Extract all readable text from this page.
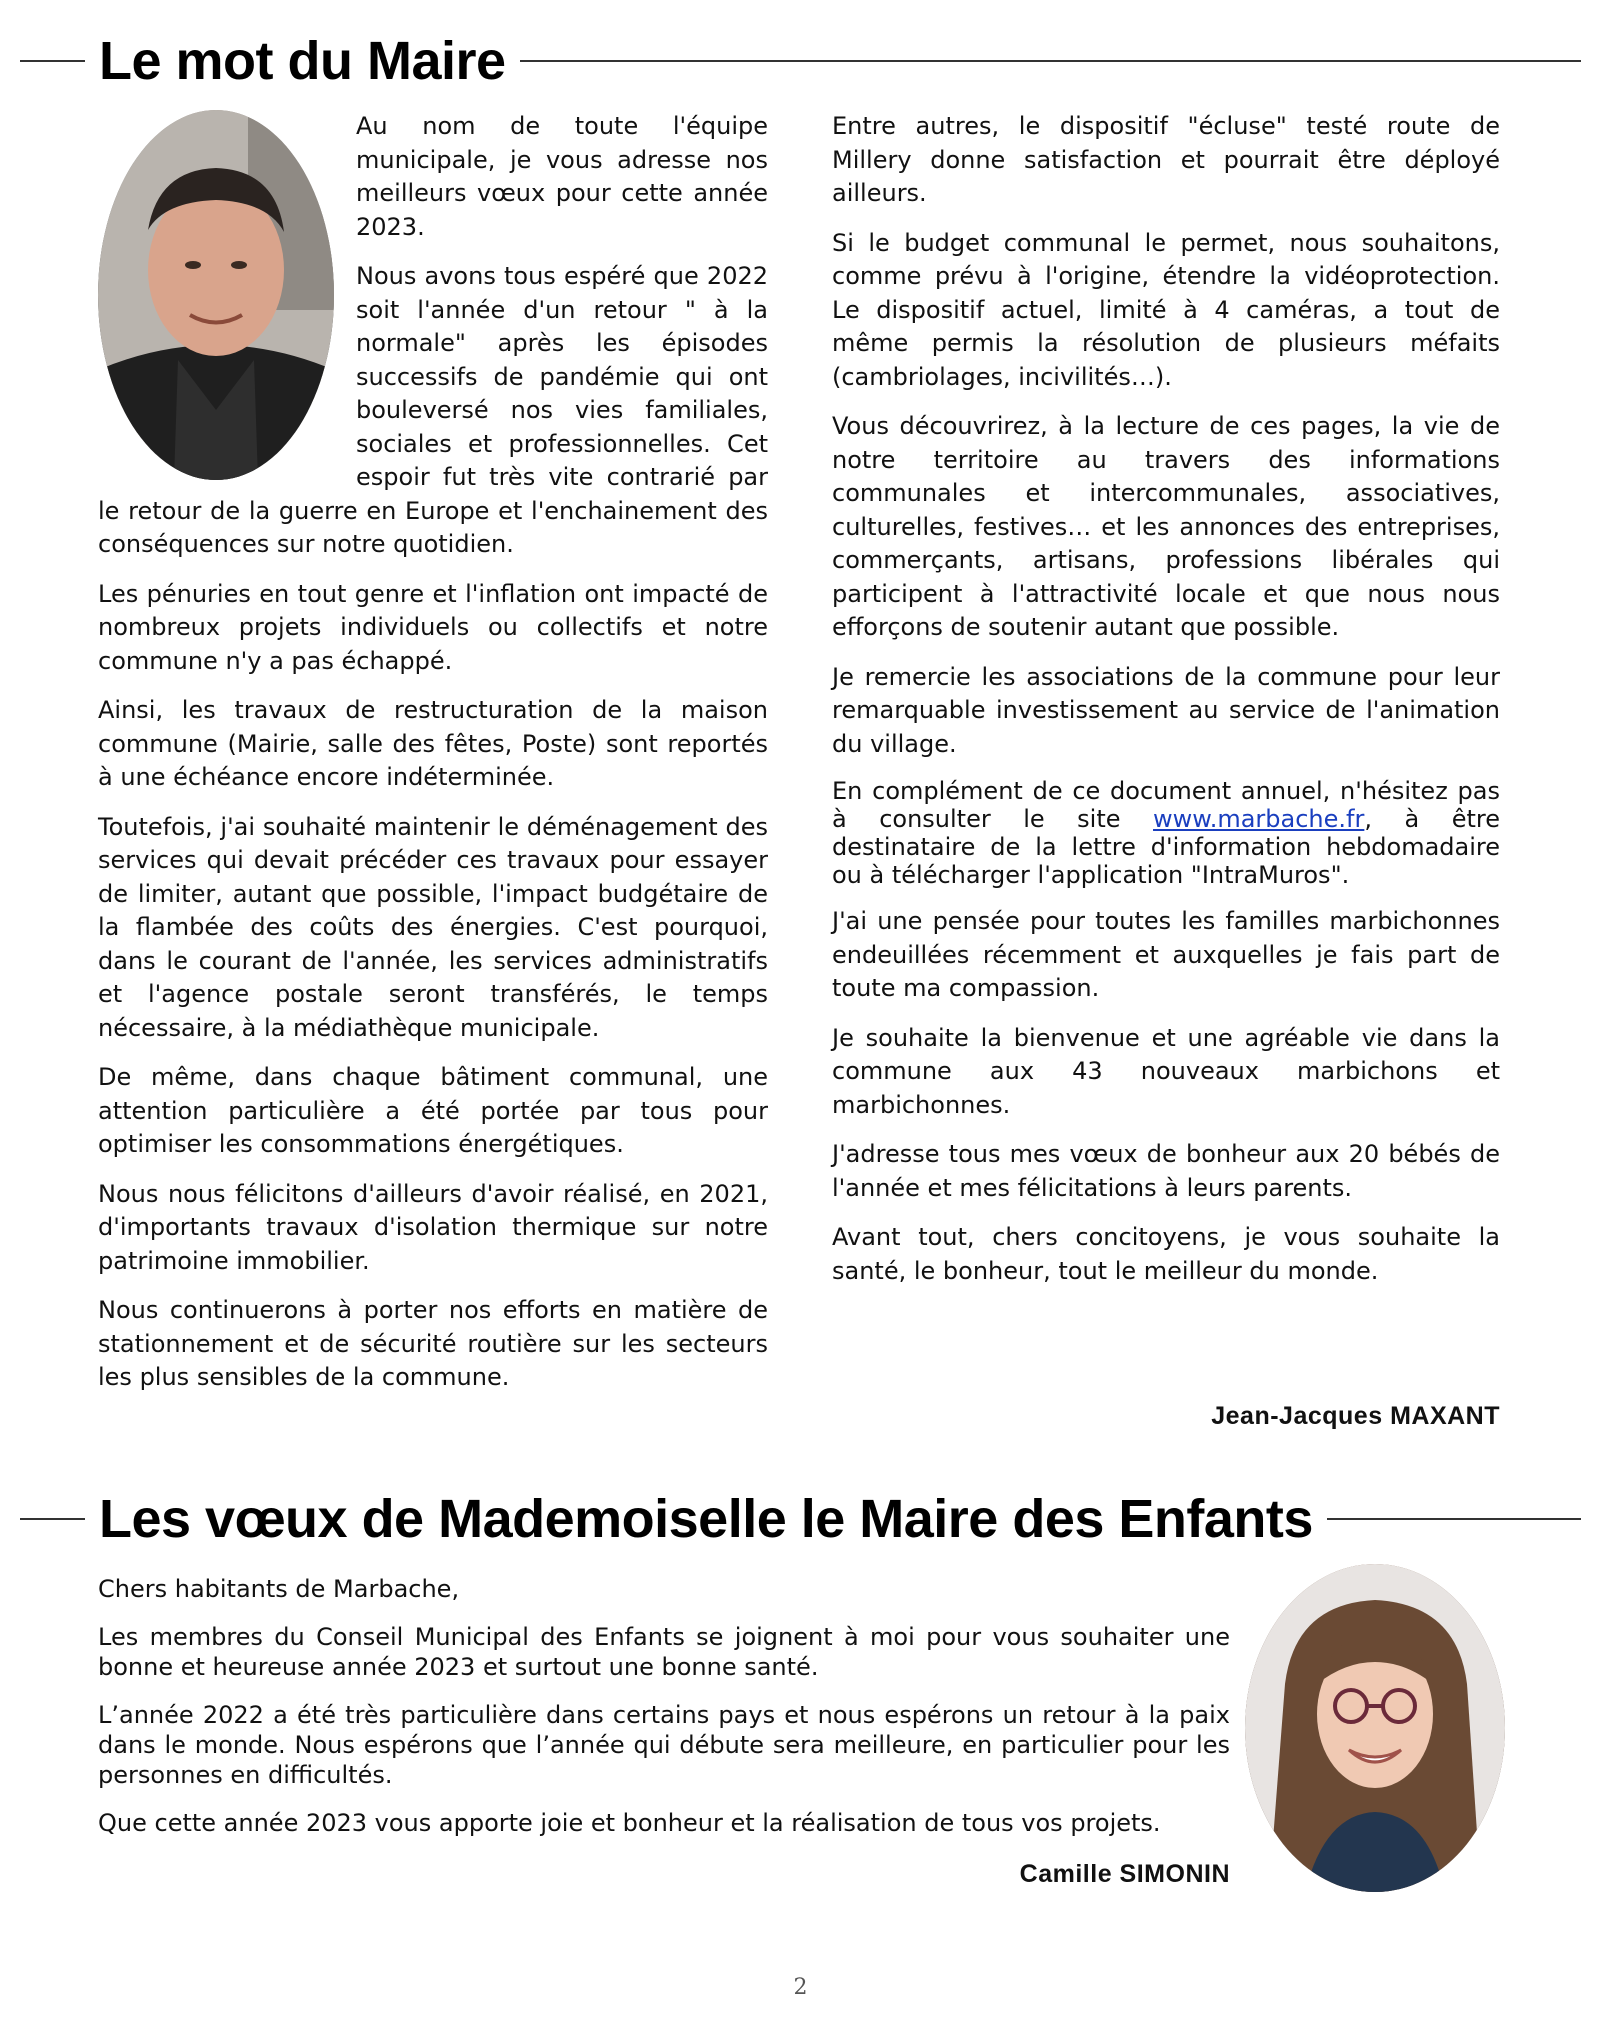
Le mot du Maire

Au nom de toute l'équipe municipale, je vous adresse nos meilleurs vœux pour cette année 2023.

Nous avons tous espéré que 2022 soit l'année d'un retour " à la normale" après les épisodes successifs de pandémie qui ont bouleversé nos vies familiales, sociales et professionnelles. Cet espoir fut très vite contrarié par le retour de la guerre en Europe et l'enchainement des conséquences sur notre quotidien.

Les pénuries en tout genre et l'inflation ont impacté de nombreux projets individuels ou collectifs et notre commune n'y a pas échappé.

Ainsi, les travaux de restructuration de la maison commune (Mairie, salle des fêtes, Poste) sont reportés à une échéance encore indéterminée.

Toutefois, j'ai souhaité maintenir le déménagement des services qui devait précéder ces travaux pour essayer de limiter, autant que possible, l'impact budgétaire de la flambée des coûts des énergies. C'est pourquoi, dans le courant de l'année, les services administratifs et l'agence postale seront transférés, le temps nécessaire, à la médiathèque municipale.

De même, dans chaque bâtiment communal, une attention particulière a été portée par tous pour optimiser les consommations énergétiques.

Nous nous félicitons d'ailleurs d'avoir réalisé, en 2021, d'importants travaux d'isolation thermique sur notre patrimoine immobilier.

Nous continuerons à porter nos efforts en matière de stationnement et de sécurité routière sur les secteurs les plus sensibles de la commune.

Entre autres, le dispositif "écluse" testé route de Millery donne satisfaction et pourrait être déployé ailleurs.

Si le budget communal le permet, nous souhaitons, comme prévu à l'origine, étendre la vidéoprotection. Le dispositif actuel, limité à 4 caméras, a tout de même permis la résolution de plusieurs méfaits (cambriolages, incivilités…).

Vous découvrirez, à la lecture de ces pages, la vie de notre territoire au travers des informations communales et intercommunales, associatives, culturelles, festives… et les annonces des entreprises, commerçants, artisans, professions libérales qui participent à l'attractivité locale et que nous nous efforçons de soutenir autant que possible.

Je remercie les associations de la commune pour leur remarquable investissement au service de l'animation du village.

En complément de ce document annuel, n'hésitez pas à consulter le site www.marbache.fr, à être destinataire de la lettre d'information hebdomadaire ou à télécharger l'application "IntraMuros".

J'ai une pensée pour toutes les familles marbichonnes endeuillées récemment et auxquelles je fais part de toute ma compassion.

Je souhaite la bienvenue et une agréable vie dans la commune aux 43 nouveaux marbichons et marbichonnes.

J'adresse tous mes vœux de bonheur aux 20 bébés de l'année et mes félicitations à leurs parents.

Avant tout, chers concitoyens, je vous souhaite la santé, le bonheur, tout le meilleur du monde.

Jean-Jacques MAXANT
Les vœux de Mademoiselle le Maire des Enfants

Chers habitants de Marbache,

Les membres du Conseil Municipal des Enfants se joignent à moi pour vous souhaiter une bonne et heureuse année 2023 et surtout une bonne santé.

L’année 2022 a été très particulière dans certains pays et nous espérons un retour à la paix dans le monde. Nous espérons que l’année qui débute sera meilleure, en particulier pour les personnes en difficultés.

Que cette année 2023 vous apporte joie et bonheur et la réalisation de tous vos projets.

Camille SIMONIN
2
